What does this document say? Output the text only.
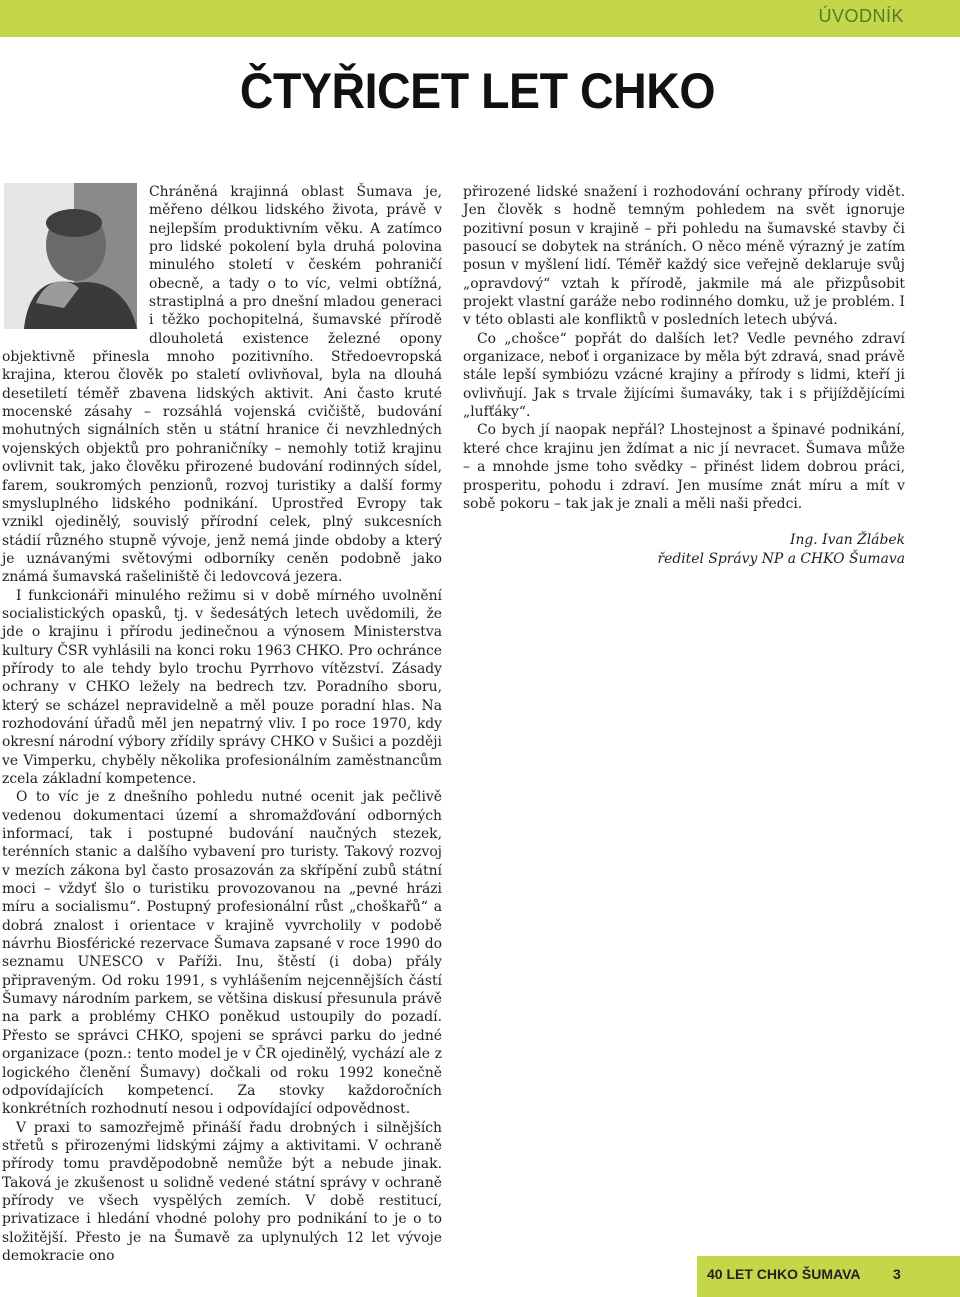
ÚVODNÍK
ČTYŘICET LET CHKO

Chráněná krajinná oblast Šumava je, měřeno délkou lidského života, právě v nejlepším produktivním věku. A zatímco pro lidské pokolení byla druhá polovina minulého století v českém pohraničí obecně, a tady o to víc, velmi obtížná, strastiplná a pro dnešní mladou generaci i těžko pochopitelná, šumavské přírodě dlouholetá existence železné opony objektivně přinesla mnoho pozitivního. Středoevropská krajina, kterou člověk po staletí ovlivňoval, byla na dlouhá desetiletí téměř zbavena lidských aktivit. Ani často kruté mocenské zásahy – rozsáhlá vojenská cvičiště, budování mohutných signálních stěn u státní hranice či nevzhledných vojenských objektů pro pohraničníky – nemohly totiž krajinu ovlivnit tak, jako člověku přirozené budování rodinných sídel, farem, soukromých penzionů, rozvoj turistiky a další formy smysluplného lidského podnikání. Uprostřed Evropy tak vznikl ojedinělý, souvislý přírodní celek, plný sukcesních stádií různého stupně vývoje, jenž nemá jinde obdoby a který je uznávanými světovými odborníky ceněn podobně jako známá šumavská rašeliniště či ledovcová jezera.

I funkcionáři minulého režimu si v době mírného uvolnění socialistických opasků, tj. v šedesátých letech uvědomili, že jde o krajinu i přírodu jedinečnou a výnosem Ministerstva kultury ČSR vyhlásili na konci roku 1963 CHKO. Pro ochránce přírody to ale tehdy bylo trochu Pyrrhovo vítězství. Zásady ochrany v CHKO ležely na bedrech tzv. Poradního sboru, který se scházel nepravidelně a měl pouze poradní hlas. Na rozhodování úřadů měl jen nepatrný vliv. I po roce 1970, kdy okresní národní výbory zřídily správy CHKO v Sušici a později ve Vimperku, chyběly několika profesionálním zaměstnancům zcela základní kompetence.

O to víc je z dnešního pohledu nutné ocenit jak pečlivě vedenou dokumentaci území a shromažďování odborných informací, tak i postupné budování naučných stezek, terénních stanic a dalšího vybavení pro turisty. Takový rozvoj v mezích zákona byl často prosazován za skřípění zubů státní moci – vždyť šlo o turistiku provozovanou na „pevné hrázi míru a socialismu“. Postupný profesionální růst „choškařů“ a dobrá znalost i orientace v krajině vyvrcholily v podobě návrhu Biosférické rezervace Šumava zapsané v roce 1990 do seznamu UNESCO v Paříži. Inu, štěstí (i doba) přály připraveným. Od roku 1991, s vyhlášením nejcennějších částí Šumavy národním parkem, se většina diskusí přesunula právě na park a problémy CHKO poněkud ustoupily do pozadí. Přesto se správci CHKO, spojeni se správci parku do jedné organizace (pozn.: tento model je v ČR ojedinělý, vychází ale z logického členění Šumavy) dočkali od roku 1992 konečně odpovídajících kompetencí. Za stovky každoročních konkrétních rozhodnutí nesou i odpovídající odpovědnost.

V praxi to samozřejmě přináší řadu drobných i silnějších střetů s přirozenými lidskými zájmy a aktivitami. V ochraně přírody tomu pravděpodobně nemůže být a nebude jinak. Taková je zkušenost u solidně vedené státní správy v ochraně přírody ve všech vyspělých zemích. V době restitucí, privatizace i hledání vhodné polohy pro podnikání to je o to složitější. Přesto je na Šumavě za uplynulých 12 let vývoje demokracie ono

přirozené lidské snažení i rozhodování ochrany přírody vidět. Jen člověk s hodně temným pohledem na svět ignoruje pozitivní posun v krajině – při pohledu na šumavské stavby či pasoucí se dobytek na stráních. O něco méně výrazný je zatím posun v myšlení lidí. Téměř každý sice veřejně deklaruje svůj „opravdový“ vztah k přírodě, jakmile má ale přizpůsobit projekt vlastní garáže nebo rodinného domku, už je problém. I v této oblasti ale konfliktů v posledních letech ubývá.

Co „chošce“ popřát do dalších let? Vedle pevného zdraví organizace, neboť i organizace by měla být zdravá, snad právě stále lepší symbiózu vzácné krajiny a přírody s lidmi, kteří ji ovlivňují. Jak s trvale žijícími šumaváky, tak i s přijíždějícími „lufťáky“.

Co bych jí naopak nepřál? Lhostejnost a špinavé podnikání, které chce krajinu jen ždímat a nic jí nevracet. Šumava může – a mnohde jsme toho svědky – přinést lidem dobrou práci, prosperitu, pohodu i zdraví. Jen musíme znát míru a mít v sobě pokoru – tak jak je znali a měli naši předci.

Ing. Ivan Žlábek
ředitel Správy NP a CHKO Šumava
40 LET CHKO ŠUMAVA 3
